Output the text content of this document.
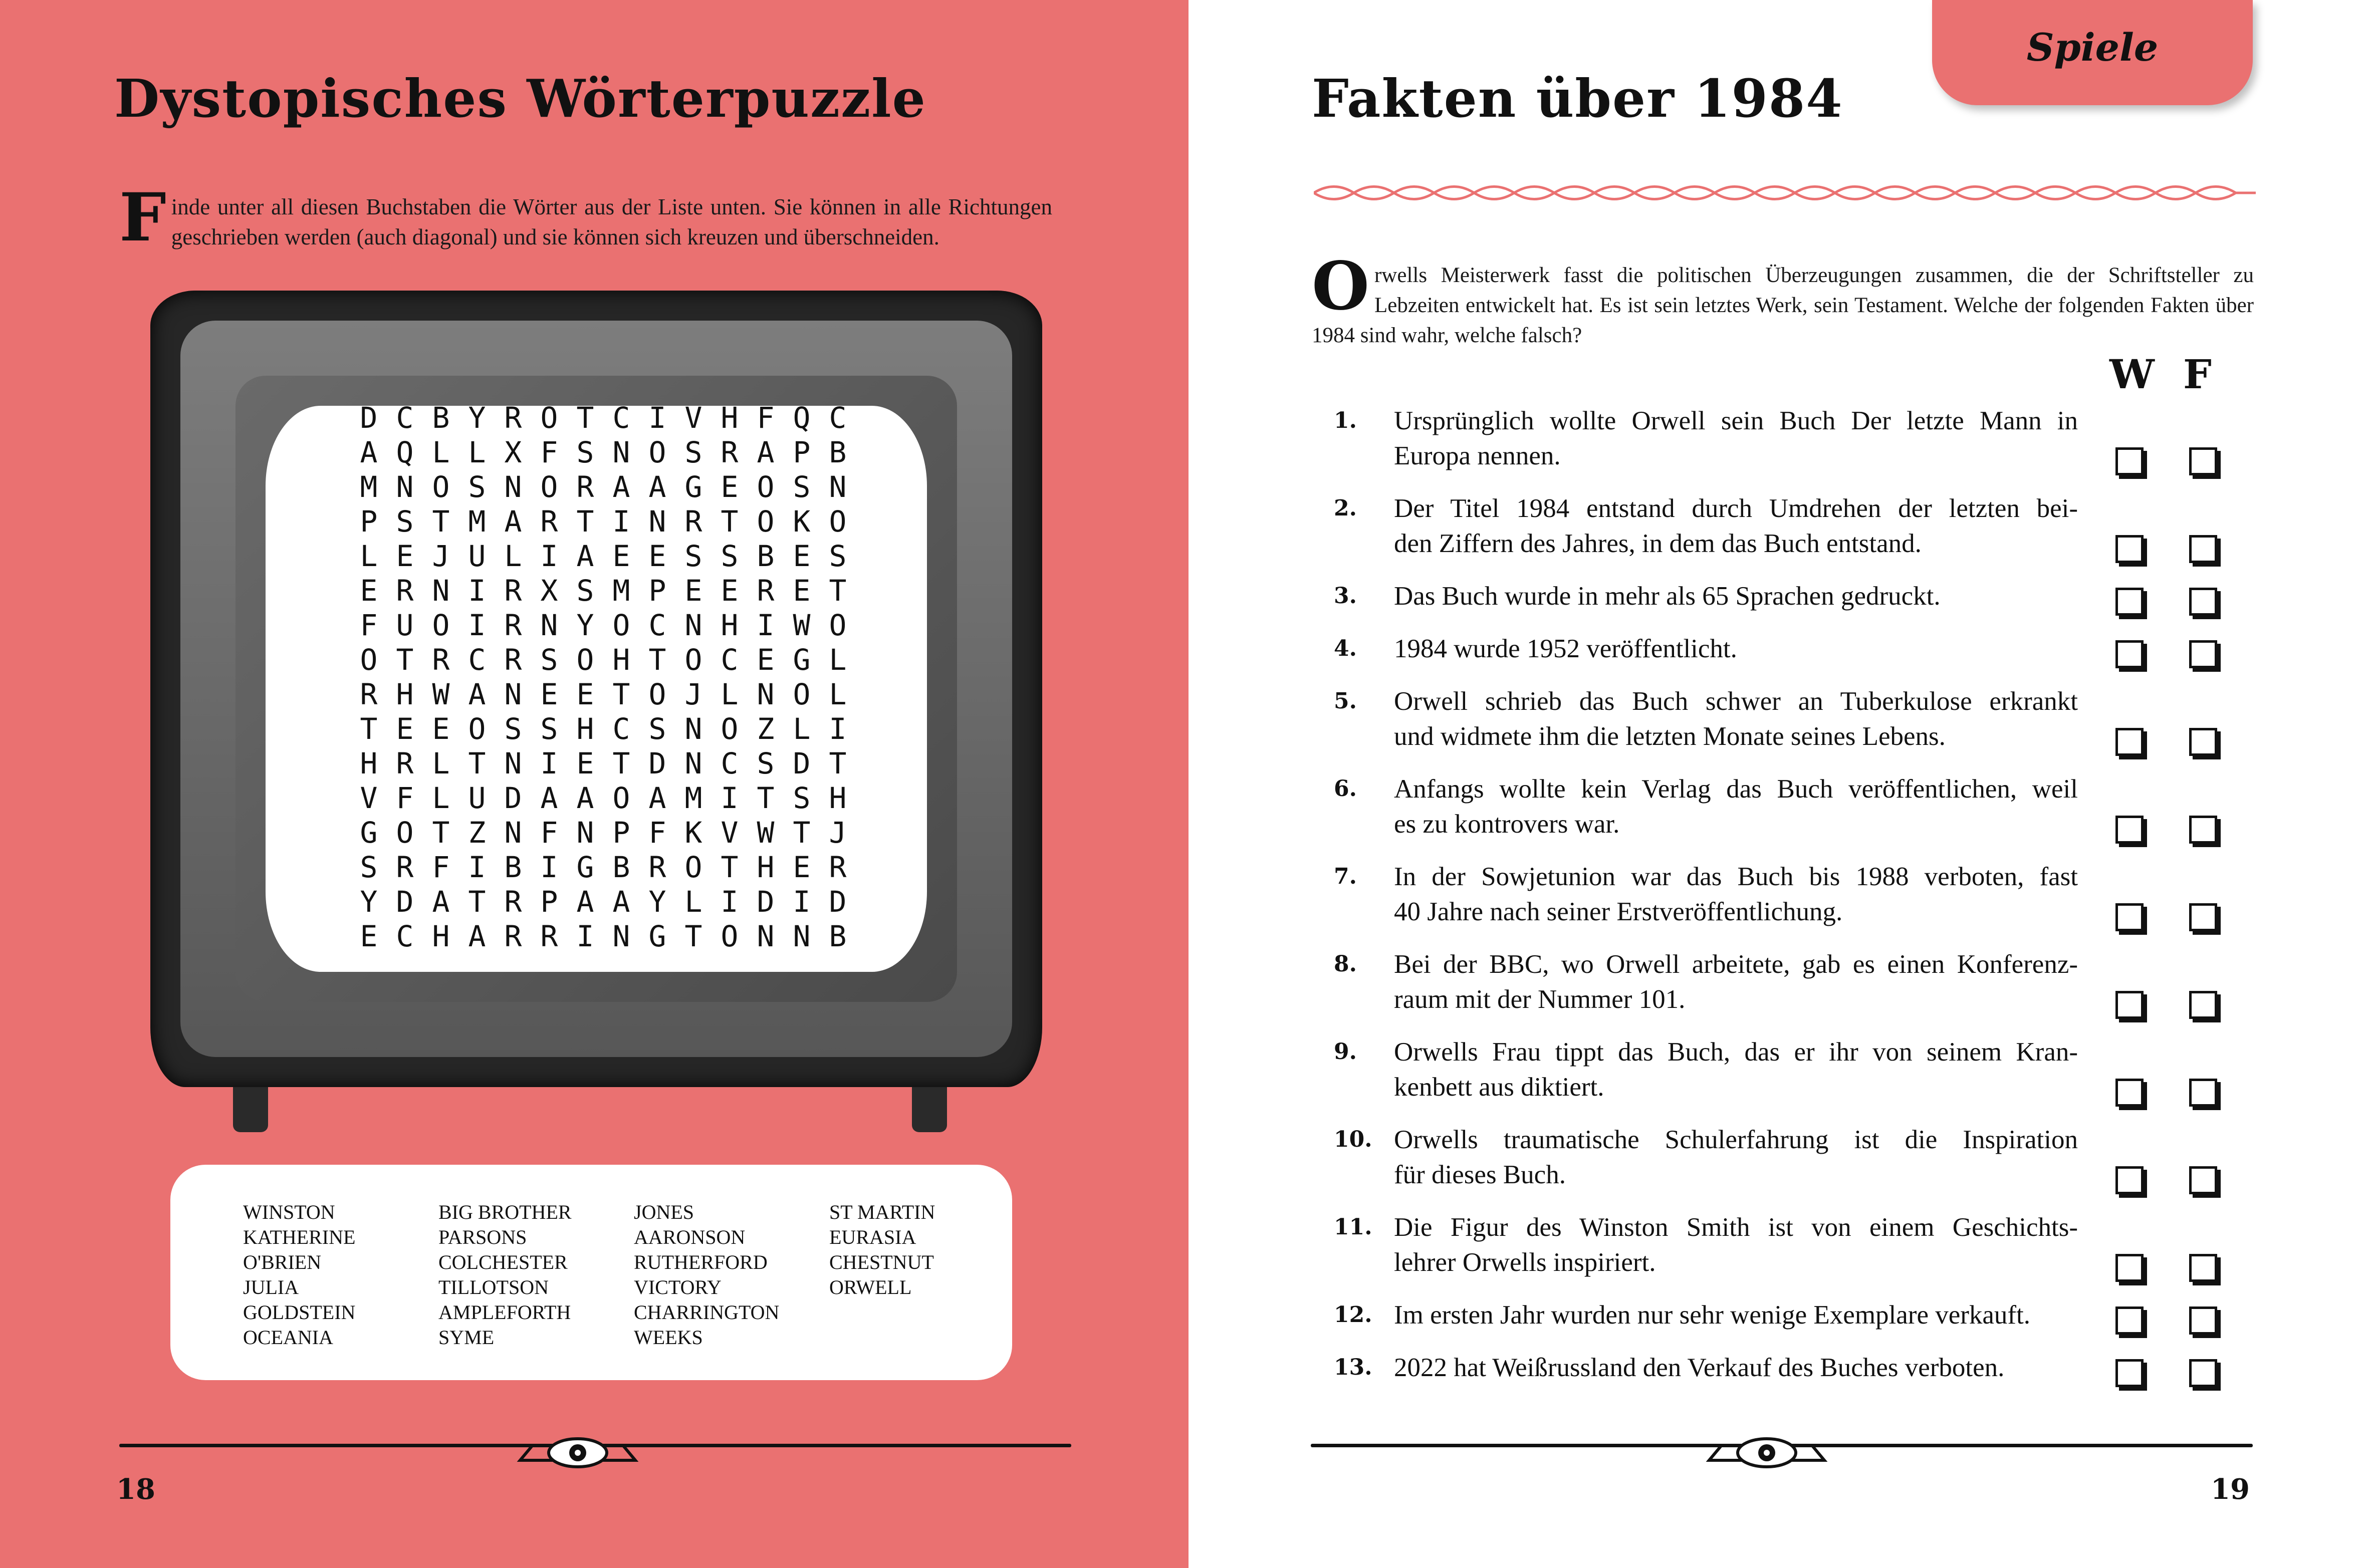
Dystopisches Wörterpuzzle
Finde unter all diesen Buchstaben die Wörter aus der Liste unten. Sie können in alle Richtungen geschrieben werden (auch diagonal) und sie können sich kreuzen und überschneiden.
D C B Y R O T C I V H F Q C
A Q L L X F S N O S R A P B
M N O S N O R A A G E O S N
P S T M A R T I N R T O K O
L E J U L I A E E S S B E S
E R N I R X S M P E E R E T
F U O I R N Y O C N H I W O
O T R C R S O H T O C E G L
R H W A N E E T O J L N O L
T E E O S S H C S N O Z L I
H R L T N I E T D N C S D T
V F L U D A A O A M I T S H
G O T Z N F N P F K V W T J
S R F I B I G B R O T H E R
Y D A T R P A A Y L I D I D
E C H A R R I N G T O N N B
WINSTON
KATHERINE
O'BRIEN
JULIA
GOLDSTEIN
OCEANIA
BIG BROTHER
PARSONS
COLCHESTER
TILLOTSON
AMPLEFORTH
SYME
JONES
AARONSON
RUTHERFORD
VICTORY
CHARRINGTON
WEEKS
ST MARTIN
EURASIA
CHESTNUT
ORWELL

18

Spiele
Fakten über 1984
Orwells Meisterwerk fasst die politischen Überzeugungen zusammen, die der Schriftsteller zu Lebzeiten entwickelt hat. Es ist sein letztes Werk, sein Testament. Welche der folgenden Fakten über 1984 sind wahr, welche falsch?
W F
1. Ursprünglich wollte Orwell sein Buch Der letzte Mann in

Europa nennen.

2. Der Titel 1984 entstand durch Umdrehen der letzten bei-

den Ziffern des Jahres, in dem das Buch entstand.

3. Das Buch wurde in mehr als 65 Sprachen gedruckt.

4. 1984 wurde 1952 veröffentlicht.

5. Orwell schrieb das Buch schwer an Tuberkulose erkrankt

und widmete ihm die letzten Monate seines Lebens.

6. Anfangs wollte kein Verlag das Buch veröffentlichen, weil

es zu kontrovers war.

7. In der Sowjetunion war das Buch bis 1988 verboten, fast

40 Jahre nach seiner Erstveröffentlichung.

8. Bei der BBC, wo Orwell arbeitete, gab es einen Konferenz-

raum mit der Nummer 101.

9. Orwells Frau tippt das Buch, das er ihr von seinem Kran-

kenbett aus diktiert.

10. Orwells traumatische Schulerfahrung ist die Inspiration

für dieses Buch.

11. Die Figur des Winston Smith ist von einem Geschichts-

lehrer Orwells inspiriert.

12. Im ersten Jahr wurden nur sehr wenige Exemplare verkauft.

13. 2022 hat Weißrussland den Verkauf des Buches verboten.

19
